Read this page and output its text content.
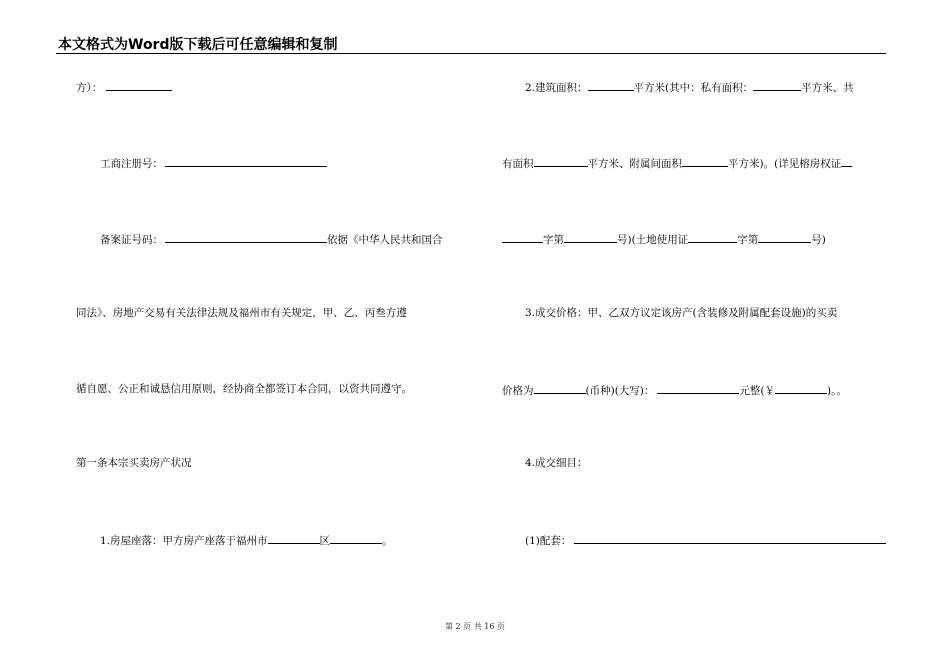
本文格式为Word版下载后可任意编辑和复制
方）：
工商注册号：
备案证号码：	依据《中华人民共和国合
同法》、房地产交易有关法律法规及福州市有关规定，甲、乙、丙叁方遵
循自愿、公正和诚恳信用原则，经协商全都签订本合同，以资共同遵守。
第一条本宗买卖房产状况
1.房屋座落：甲方房产座落于福州市	区	。
2.建筑面积：	平方米(其中：私有面积：	平方米、共
有面积	平方米、附属间面积	平方米)。(详见榕房权证
字第	号)(土地使用证	字第	号)
3.成交价格：甲、乙双方议定该房产(含装修及附属配套设施)的买卖
价格为	(币种)(大写)：	元整(￥	)。。
4.成交细目：
(1)配套：
第 2 页 共 16 页
